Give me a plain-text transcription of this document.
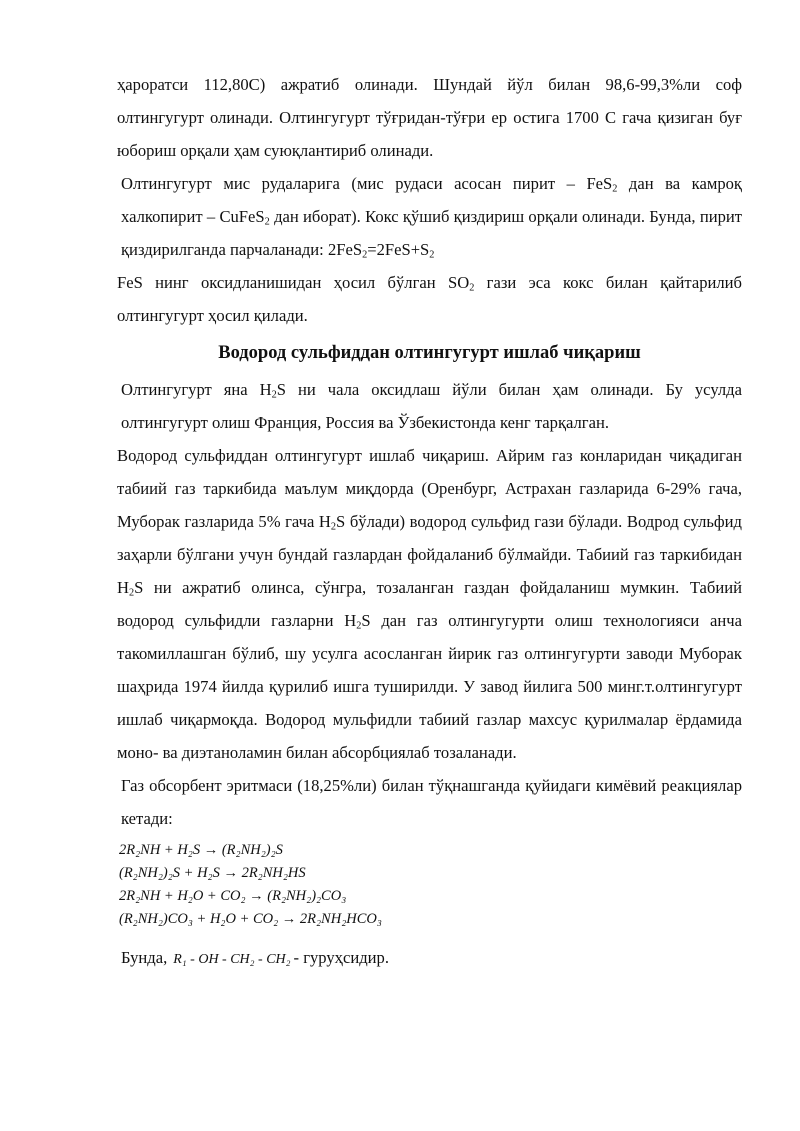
ҳароратси 112,80С) ажратиб олинади. Шундай йўл билан 98,6-99,3%ли соф олтингугурт олинади. Олтингугурт тўғридан-тўғри ер остига 1700 С гача қизиган буғ юбориш орқали ҳам суюқлантириб олинади.

Олтингугурт мис рудаларига (мис рудаси асосан пирит – FeS$_2$ дан ва камроқ халкопирит – CuFeS$_2$ дан иборат). Кокс қўшиб қиздириш орқали олинади. Бунда, пирит қиздирилганда парчаланади: $2FeS_2=2FeS+S_2$

FeS нинг оксидланишидан ҳосил бўлган $SO_2$ гази эса кокс билан қайтарилиб олтингугурт ҳосил қилади.

Водород сульфиддан олтингугурт ишлаб чиқариш

Олтингугурт яна $H_2S$ ни чала оксидлаш йўли билан ҳам олинади. Бу усулда олтингугурт олиш Франция, Россия ва Ўзбекистонда кенг тарқалган.

Водород сульфиддан олтингугурт ишлаб чиқариш. Айрим газ конларидан чиқадиган табиий газ таркибида маълум миқдорда (Оренбург, Астрахан газларида 6-29% гача, Муборак газларида 5% гача $H_2S$ бўлади) водород сульфид гази бўлади. Водрод сульфид заҳарли бўлгани учун бундай газлардан фойдаланиб бўлмайди. Табиий газ таркибидан $H_2S$ ни ажратиб олинса, сўнгра, тозаланган газдан фойдаланиш мумкин. Табиий водород сульфидли газларни $H_2S$ дан газ олтингугурти олиш технологияси анча такомиллашган бўлиб, шу усулга асосланган йирик газ олтингугурти заводи Муборак шаҳрида 1974 йилда қурилиб ишга туширилди. У завод йилига 500 минг.т.олтингугурт ишлаб чиқармоқда. Водород мульфидли табиий газлар махсус қурилмалар ёрдамида моно- ва диэтаноламин билан абсорбциялаб тозаланади.

Газ обсорбент эритмаси (18,25%ли) билан тўқнашганда қуйидаги кимёвий реакциялар кетади:

2R₂NH + H₂S → (R₂NH₂)₂S
(R₂NH₂)₂S + H₂S → 2R₂NH₂HS
2R₂NH + H₂O + CO₂ → (R₂NH₂)₂CO₃
(R₂NH₂)CO₃ + H₂O + CO₂ → 2R₂NH₂HCO₃

Бунда, R₁ - OH - CH₂ - CH₂ - гуруҳсидир.
